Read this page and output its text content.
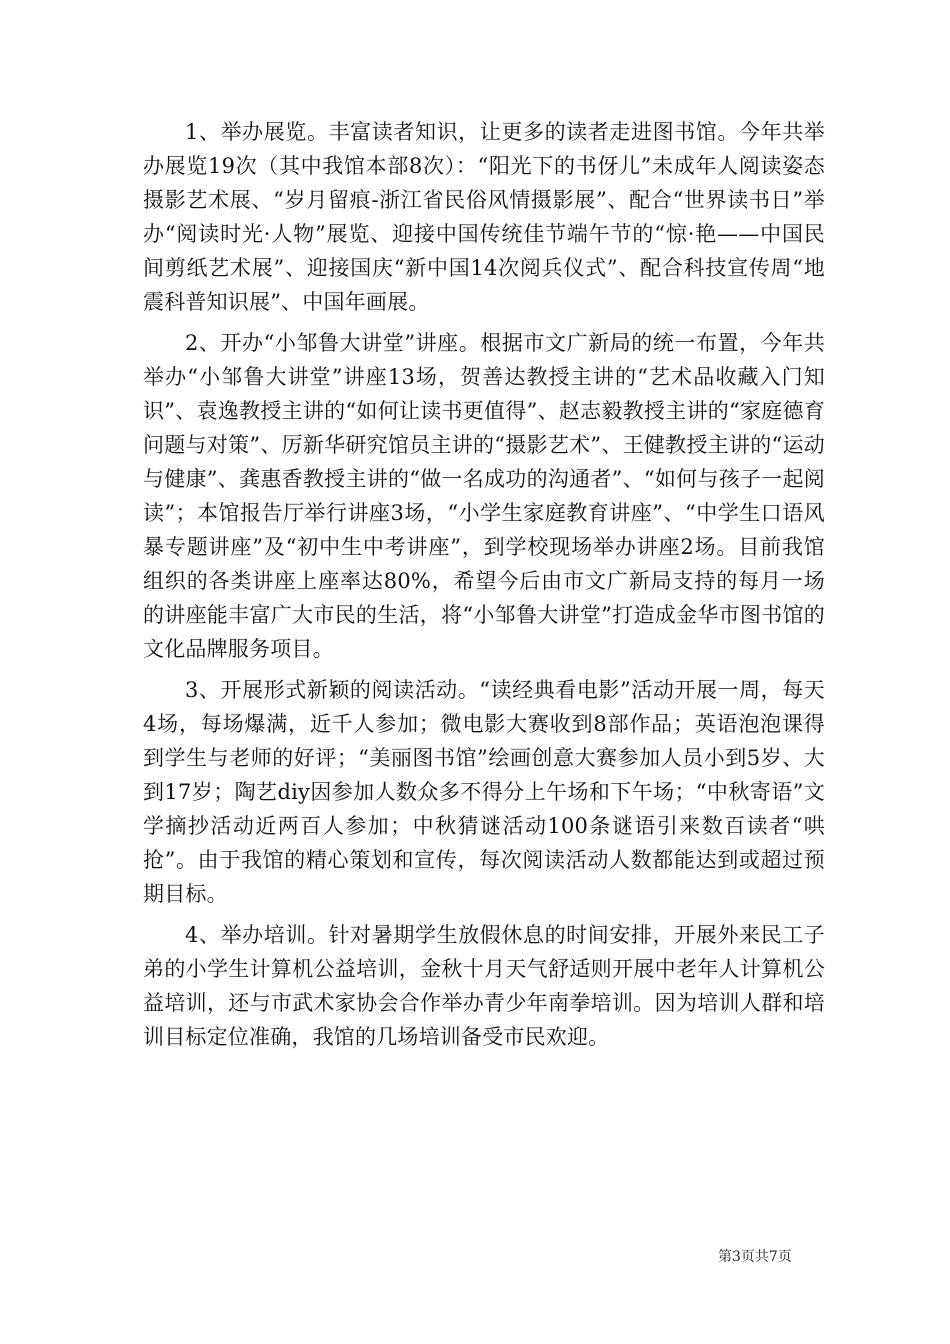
1、举办展览。丰富读者知识，让更多的读者走进图书馆。今年共举办展览19次（其中我馆本部8次）：“阳光下的书伢儿”未成年人阅读姿态摄影艺术展、“岁月留痕-浙江省民俗风情摄影展”、配合“世界读书日”举办“阅读时光·人物”展览、迎接中国传统佳节端午节的“惊·艳——中国民间剪纸艺术展”、迎接国庆“新中国14次阅兵仪式”、配合科技宣传周“地震科普知识展”、中国年画展。

2、开办“小邹鲁大讲堂”讲座。根据市文广新局的统一布置，今年共举办“小邹鲁大讲堂”讲座13场，贺善达教授主讲的“艺术品收藏入门知识”、袁逸教授主讲的“如何让读书更值得”、赵志毅教授主讲的“家庭德育问题与对策”、厉新华研究馆员主讲的“摄影艺术”、王健教授主讲的“运动与健康”、龚惠香教授主讲的“做一名成功的沟通者”、“如何与孩子一起阅读”；本馆报告厅举行讲座3场，“小学生家庭教育讲座”、“中学生口语风暴专题讲座”及“初中生中考讲座”，到学校现场举办讲座2场。目前我馆组织的各类讲座上座率达80%，希望今后由市文广新局支持的每月一场的讲座能丰富广大市民的生活，将“小邹鲁大讲堂”打造成金华市图书馆的文化品牌服务项目。

3、开展形式新颖的阅读活动。“读经典看电影”活动开展一周，每天4场，每场爆满，近千人参加；微电影大赛收到8部作品；英语泡泡课得到学生与老师的好评；“美丽图书馆”绘画创意大赛参加人员小到5岁、大到17岁；陶艺diy因参加人数众多不得分上午场和下午场；“中秋寄语”文学摘抄活动近两百人参加；中秋猜谜活动100条谜语引来数百读者“哄抢”。由于我馆的精心策划和宣传，每次阅读活动人数都能达到或超过预期目标。

4、举办培训。针对暑期学生放假休息的时间安排，开展外来民工子弟的小学生计算机公益培训，金秋十月天气舒适则开展中老年人计算机公益培训，还与市武术家协会合作举办青少年南拳培训。因为培训人群和培训目标定位准确，我馆的几场培训备受市民欢迎。

第3页共7页
